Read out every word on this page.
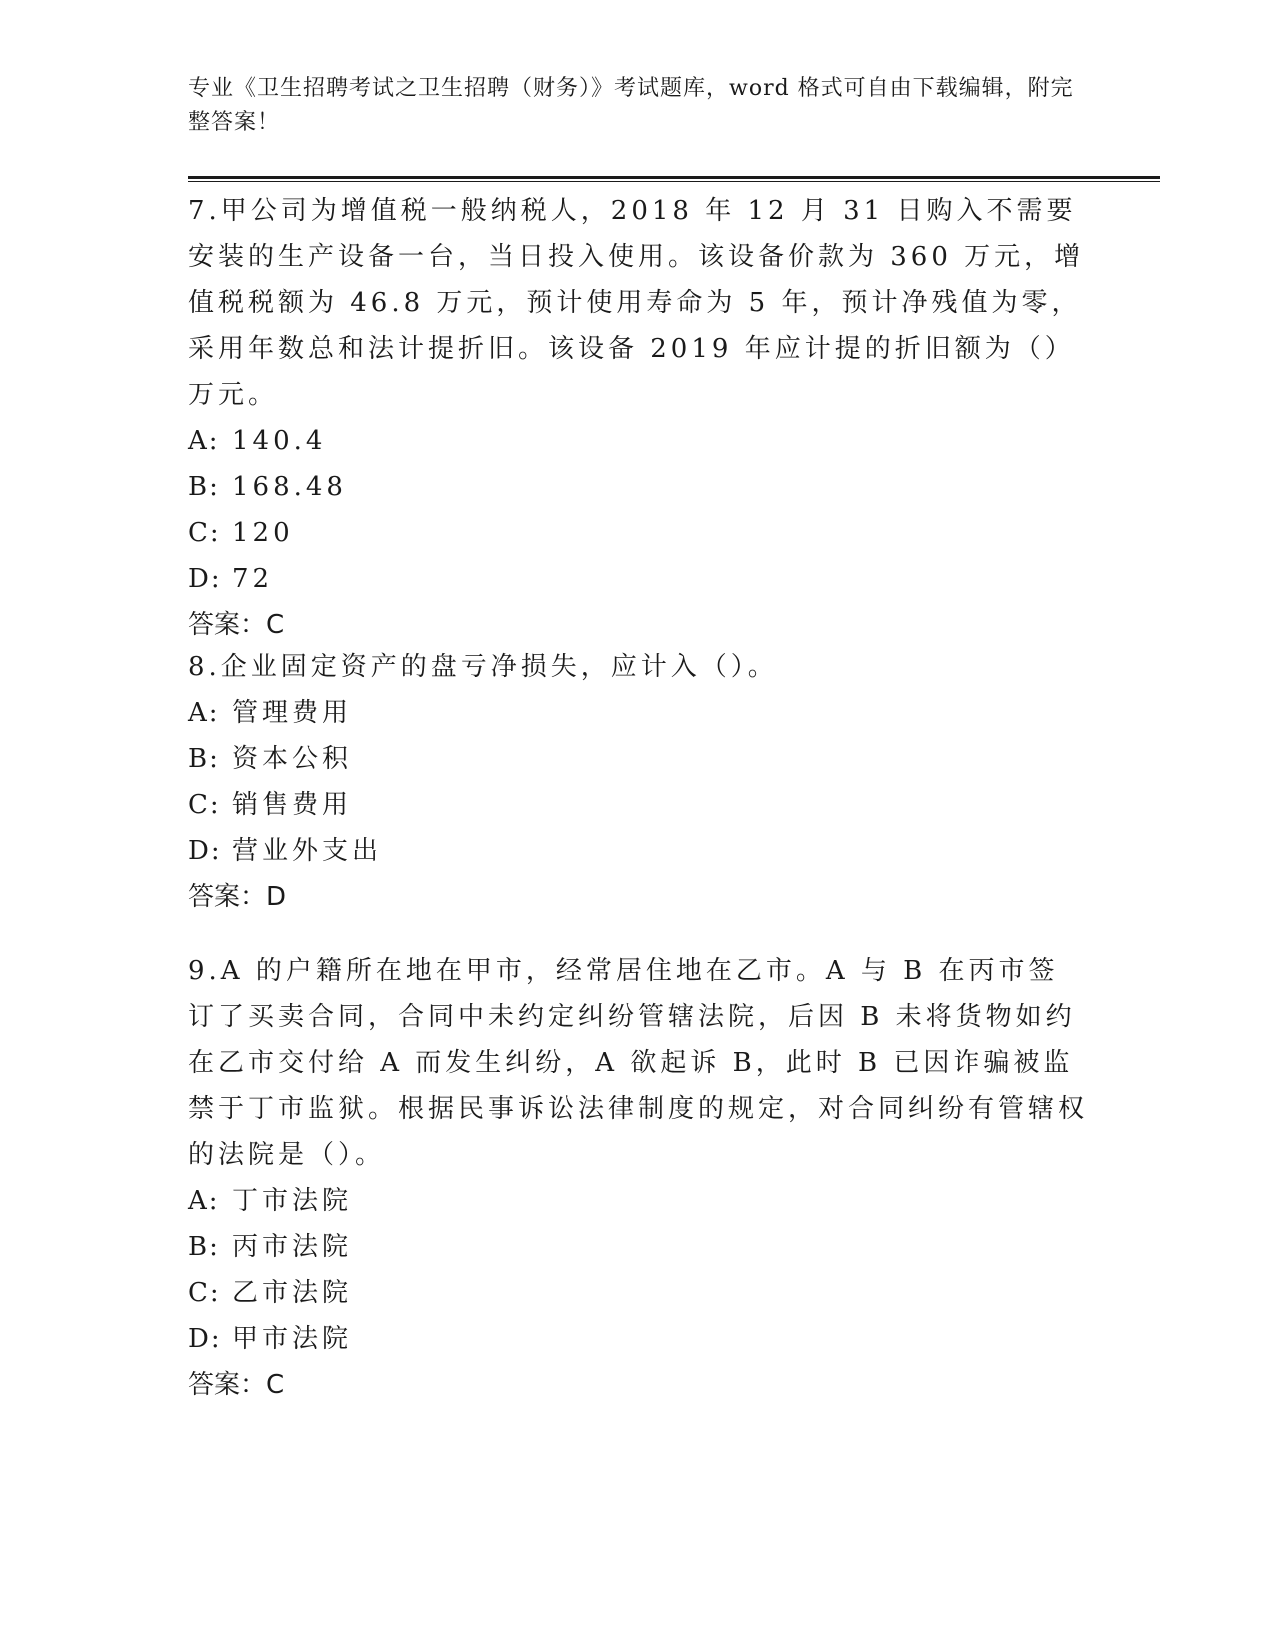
专业《卫生招聘考试之卫生招聘（财务）》考试题库，word 格式可自由下载编辑，附完整答案！

7.甲公司为增值税一般纳税人，2018 年 12 月 31 日购入不需要安装的生产设备一台，当日投入使用。该设备价款为 360 万元，增值税税额为 46.8 万元，预计使用寿命为 5 年，预计净残值为零，采用年数总和法计提折旧。该设备 2019 年应计提的折旧额为（）万元。

A: 140.4

B: 168.48

C: 120

D: 72

答案：C

8.企业固定资产的盘亏净损失，应计入（）。

A: 管理费用

B: 资本公积

C: 销售费用

D: 营业外支出

答案：D

9.A 的户籍所在地在甲市，经常居住地在乙市。A 与 B 在丙市签订了买卖合同，合同中未约定纠纷管辖法院，后因 B 未将货物如约在乙市交付给 A 而发生纠纷，A 欲起诉 B，此时 B 已因诈骗被监禁于丁市监狱。根据民事诉讼法律制度的规定，对合同纠纷有管辖权的法院是（）。

A: 丁市法院

B: 丙市法院

C: 乙市法院

D: 甲市法院

答案：C
